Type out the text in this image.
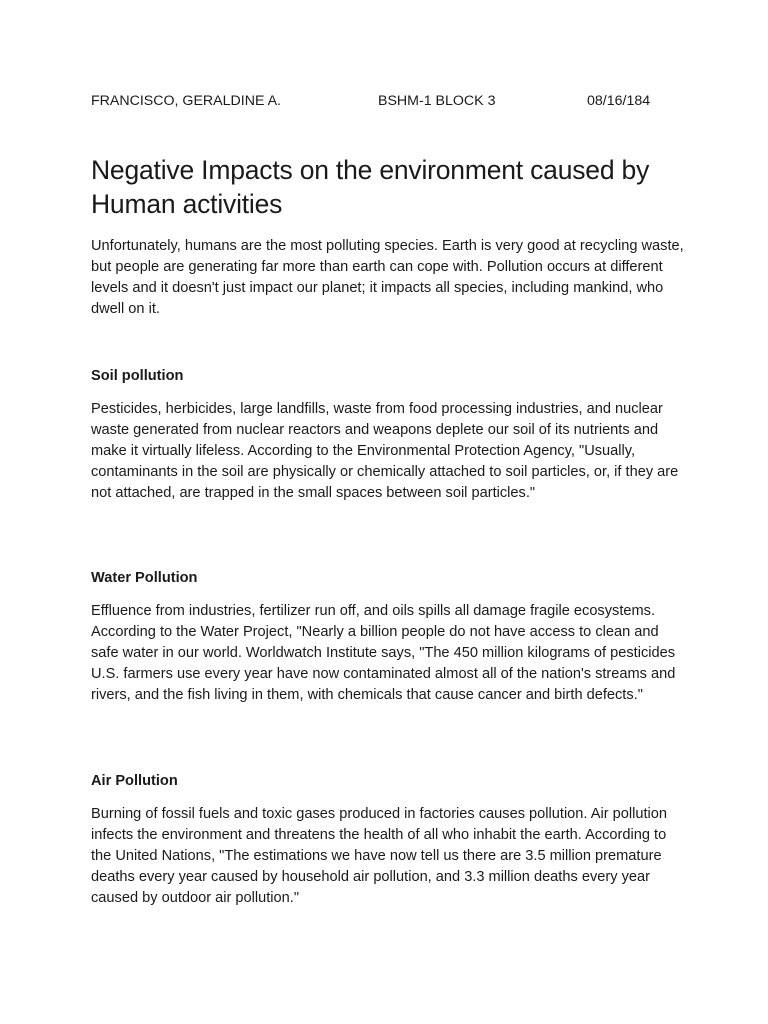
FRANCISCO, GERALDINE A.	BSHM-1 BLOCK 3	08/16/184
Negative Impacts on the environment caused by Human activities

Unfortunately, humans are the most polluting species. Earth is very good at recycling waste, but people are generating far more than earth can cope with. Pollution occurs at different levels and it doesn't just impact our planet; it impacts all species, including mankind, who dwell on it.

Soil pollution

Pesticides, herbicides, large landfills, waste from food processing industries, and nuclear waste generated from nuclear reactors and weapons deplete our soil of its nutrients and make it virtually lifeless. According to the Environmental Protection Agency, "Usually, contaminants in the soil are physically or chemically attached to soil particles, or, if they are not attached, are trapped in the small spaces between soil particles."

Water Pollution

Effluence from industries, fertilizer run off, and oils spills all damage fragile ecosystems. According to the Water Project, "Nearly a billion people do not have access to clean and safe water in our world. Worldwatch Institute says, "The 450 million kilograms of pesticides U.S. farmers use every year have now contaminated almost all of the nation's streams and rivers, and the fish living in them, with chemicals that cause cancer and birth defects."

Air Pollution

Burning of fossil fuels and toxic gases produced in factories causes pollution. Air pollution infects the environment and threatens the health of all who inhabit the earth. According to the United Nations, "The estimations we have now tell us there are 3.5 million premature deaths every year caused by household air pollution, and 3.3 million deaths every year caused by outdoor air pollution."
